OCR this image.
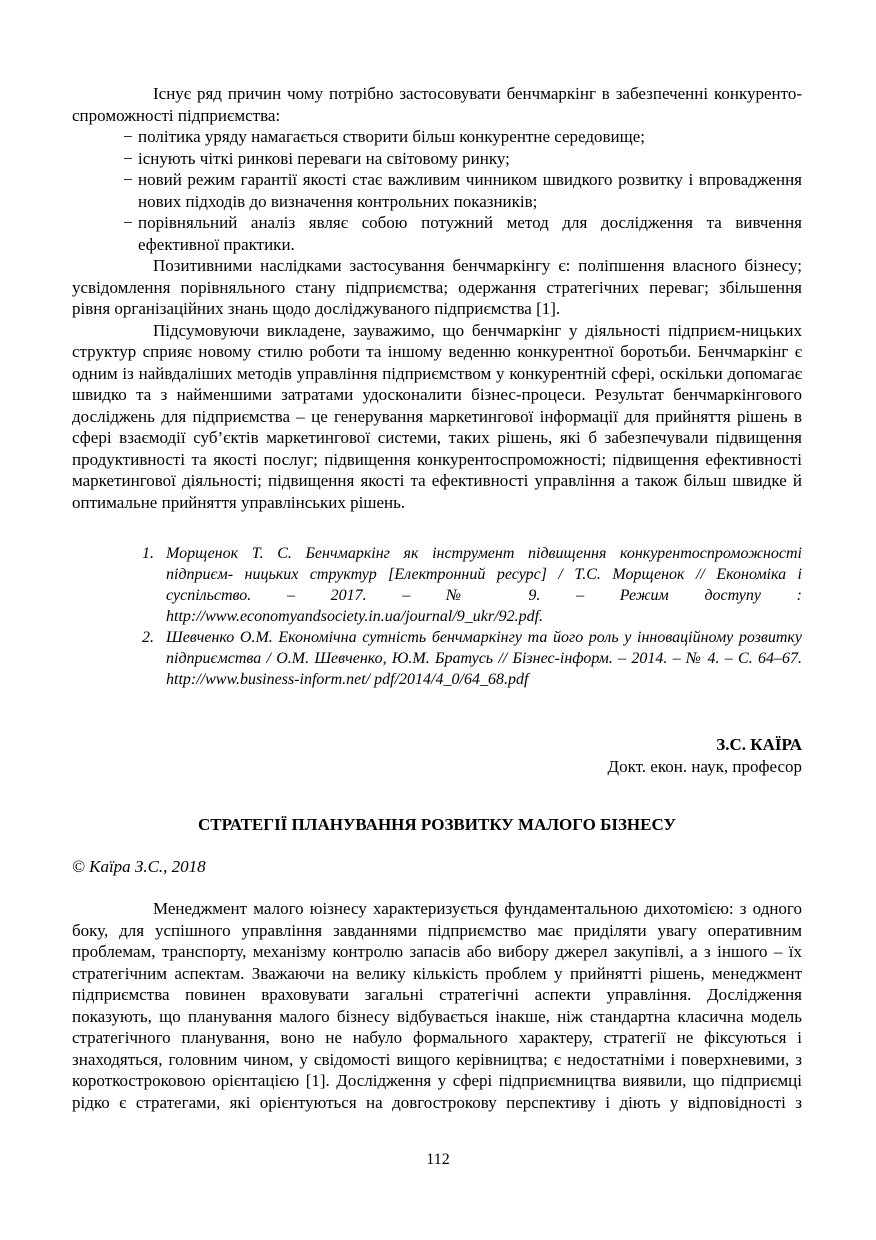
Існує ряд причин чому потрібно застосовувати бенчмаркінг в забезпеченні конкуренто-спроможності підприємства:

− політика уряду намагається створити більш конкурентне середовище;
− існують чіткі ринкові переваги на світовому ринку;
− новий режим гарантії якості стає важливим чинником швидкого розвитку і впровадження нових підходів до визначення контрольних показників;
− порівняльний аналіз являє собою потужний метод для дослідження та вивчення ефективної практики.

Позитивними наслідками застосування бенчмаркінгу є: поліпшення власного бізнесу; усвідомлення порівняльного стану підприємства; одержання стратегічних переваг; збільшення рівня організаційних знань щодо досліджуваного підприємства [1].

Підсумовуючи викладене, зауважимо, що бенчмаркінг у діяльності підприєм-ницьких структур сприяє новому стилю роботи та іншому веденню конкурентної боротьби. Бенчмаркінг є одним із найвдаліших методів управління підприємством у конкурентній сфері, оскільки допомагає швидко та з найменшими затратами удосконалити бізнес-процеси. Результат бенчмаркінгового досліджень для підприємства – це генерування маркетингової інформації для прийняття рішень в сфері взаємодії суб’єктів маркетингової системи, таких рішень, які б забезпечували підвищення продуктивності та якості послуг; підвищення конкурентоспроможності; підвищення ефективності маркетингової діяльності; підвищення якості та ефективності управління а також більш швидке й оптимальне прийняття управлінських рішень.

1. Морщенок Т. С. Бенчмаркінг як інструмент підвищення конкурентоспроможності підприєм- ницьких структур [Електронний ресурс] / Т.С. Морщенок // Економіка і суспільство. – 2017. – № 9. – Режим доступу : http://www.economyandsociety.in.ua/journal/9_ukr/92.pdf.
2. Шевченко О.М. Економічна сутність бенчмаркінгу та його роль у інноваційному розвитку підприємства / О.М. Шевченко, Ю.М. Братусь // Бізнес-інформ. – 2014. – № 4. – С. 64–67. http://www.business-inform.net/ pdf/2014/4_0/64_68.pdf
З.С. КАЇРА
Докт. екон. наук, професор
СТРАТЕГІЇ ПЛАНУВАННЯ РОЗВИТКУ МАЛОГО БІЗНЕСУ

© Каїра З.С., 2018

Менеджмент малого юізнесу характеризується фундаментальною дихотомією: з одного боку, для успішного управління завданнями підприємство має приділяти увагу оперативним проблемам, транспорту, механізму контролю запасів або вибору джерел закупівлі, а з іншого – їх стратегічним аспектам. Зважаючи на велику кількість проблем у прийнятті рішень, менеджмент підприємства повинен враховувати загальні стратегічні аспекти управління. Дослідження показують, що планування малого бізнесу відбувається інакше, ніж стандартна класична модель стратегічного планування, воно не набуло формального характеру, стратегії не фіксуються і знаходяться, головним чином, у свідомості вищого керівництва; є недостатніми і поверхневими, з короткостроковою орієнтацією [1]. Дослідження у сфері підприємництва виявили, що підприємці рідко є стратегами, які орієнтуються на довгострокову перспективу і діють у відповідності з

112
